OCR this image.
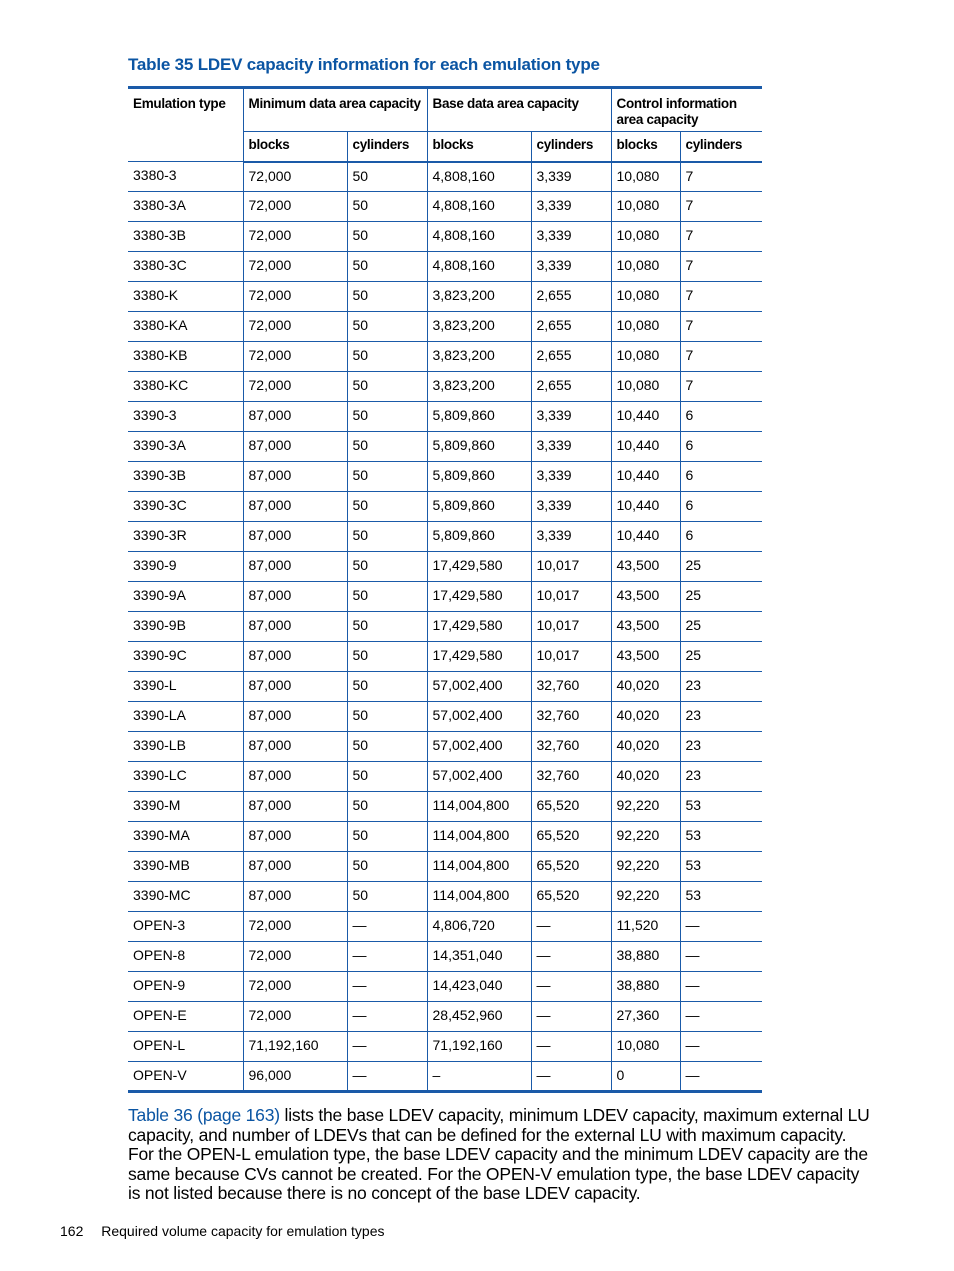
Table 35 LDEV capacity information for each emulation type
Emulation type	Minimum data area capacity		Base data area capacity		Control information area capacity	
	blocks	cylinders	blocks	cylinders	blocks	cylinders
3380-3	72,000	50	4,808,160	3,339	10,080	7
3380-3A	72,000	50	4,808,160	3,339	10,080	7
3380-3B	72,000	50	4,808,160	3,339	10,080	7
3380-3C	72,000	50	4,808,160	3,339	10,080	7
3380-K	72,000	50	3,823,200	2,655	10,080	7
3380-KA	72,000	50	3,823,200	2,655	10,080	7
3380-KB	72,000	50	3,823,200	2,655	10,080	7
3380-KC	72,000	50	3,823,200	2,655	10,080	7
3390-3	87,000	50	5,809,860	3,339	10,440	6
3390-3A	87,000	50	5,809,860	3,339	10,440	6
3390-3B	87,000	50	5,809,860	3,339	10,440	6
3390-3C	87,000	50	5,809,860	3,339	10,440	6
3390-3R	87,000	50	5,809,860	3,339	10,440	6
3390-9	87,000	50	17,429,580	10,017	43,500	25
3390-9A	87,000	50	17,429,580	10,017	43,500	25
3390-9B	87,000	50	17,429,580	10,017	43,500	25
3390-9C	87,000	50	17,429,580	10,017	43,500	25
3390-L	87,000	50	57,002,400	32,760	40,020	23
3390-LA	87,000	50	57,002,400	32,760	40,020	23
3390-LB	87,000	50	57,002,400	32,760	40,020	23
3390-LC	87,000	50	57,002,400	32,760	40,020	23
3390-M	87,000	50	114,004,800	65,520	92,220	53
3390-MA	87,000	50	114,004,800	65,520	92,220	53
3390-MB	87,000	50	114,004,800	65,520	92,220	53
3390-MC	87,000	50	114,004,800	65,520	92,220	53
OPEN-3	72,000	—	4,806,720	—	11,520	—
OPEN-8	72,000	—	14,351,040	—	38,880	—
OPEN-9	72,000	—	14,423,040	—	38,880	—
OPEN-E	72,000	—	28,452,960	—	27,360	—
OPEN-L	71,192,160	—	71,192,160	—	10,080	—
OPEN-V	96,000	—	–	—	0	—
Table 36 (page 163) lists the base LDEV capacity, minimum LDEV capacity, maximum external LU capacity, and number of LDEVs that can be defined for the external LU with maximum capacity. For the OPEN-L emulation type, the base LDEV capacity and the minimum LDEV capacity are the same because CVs cannot be created. For the OPEN-V emulation type, the base LDEV capacity is not listed because there is no concept of the base LDEV capacity.
162 Required volume capacity for emulation types
